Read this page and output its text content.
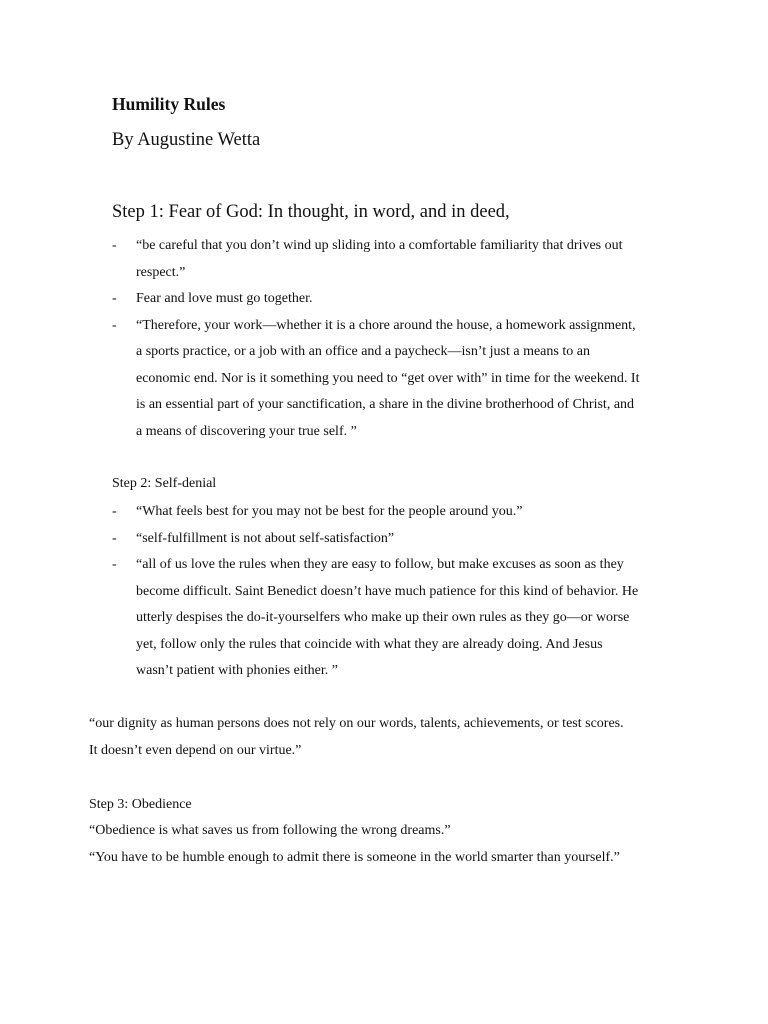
Humility Rules
By Augustine Wetta
Step 1: Fear of God: In thought, in word, and in deed,
- “be careful that you don’t wind up sliding into a comfortable familiarity that drives out
respect.”
- Fear and love must go together.
- “Therefore, your work—whether it is a chore around the house, a homework assignment,
a sports practice, or a job with an office and a paycheck—isn’t just a means to an
economic end. Nor is it something you need to “get over with” in time for the weekend. It
is an essential part of your sanctification, a share in the divine brotherhood of Christ, and
a means of discovering your true self. ”
Step 2: Self-denial
- “What feels best for you may not be best for the people around you.”
- “self-fulfillment is not about self-satisfaction”
- “all of us love the rules when they are easy to follow, but make excuses as soon as they
become difficult. Saint Benedict doesn’t have much patience for this kind of behavior. He
utterly despises the do-it-yourselfers who make up their own rules as they go—or worse
yet, follow only the rules that coincide with what they are already doing. And Jesus
wasn’t patient with phonies either. ”
“our dignity as human persons does not rely on our words, talents, achievements, or test scores.
It doesn’t even depend on our virtue.”
Step 3: Obedience
“Obedience is what saves us from following the wrong dreams.”
“You have to be humble enough to admit there is someone in the world smarter than yourself.”
